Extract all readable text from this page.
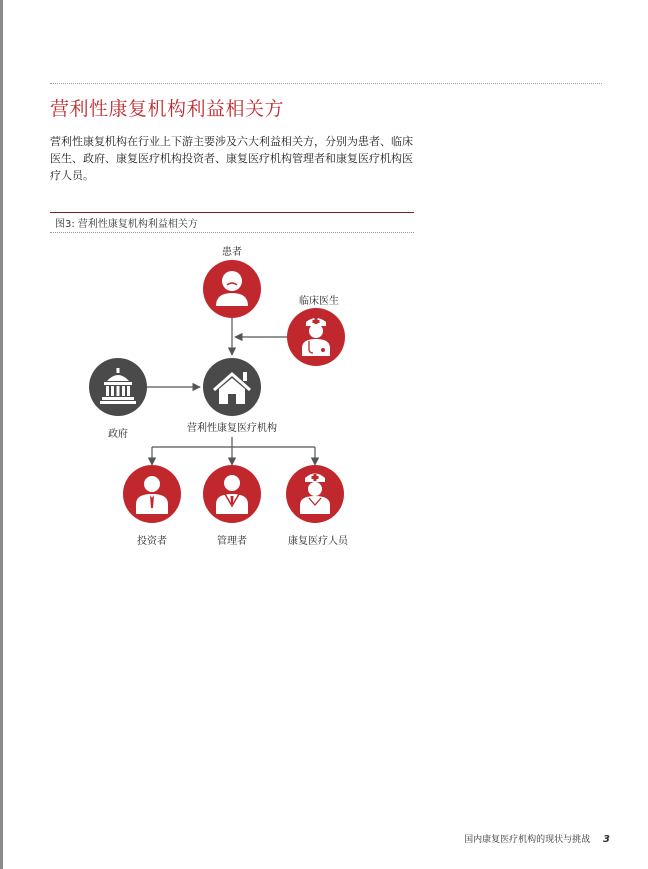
营利性康复机构利益相关方
营利性康复机构在行业上下游主要涉及六大利益相关方，分别为患者、临床医生、政府、康复医疗机构投资者、康复医疗机构管理者和康复医疗机构医疗人员。
图3: 营利性康复机构利益相关方
患者
临床医生
政府
营利性康复医疗机构
投资者	管理者	康复医疗人员
国内康复医疗机构的现状与挑战 3
